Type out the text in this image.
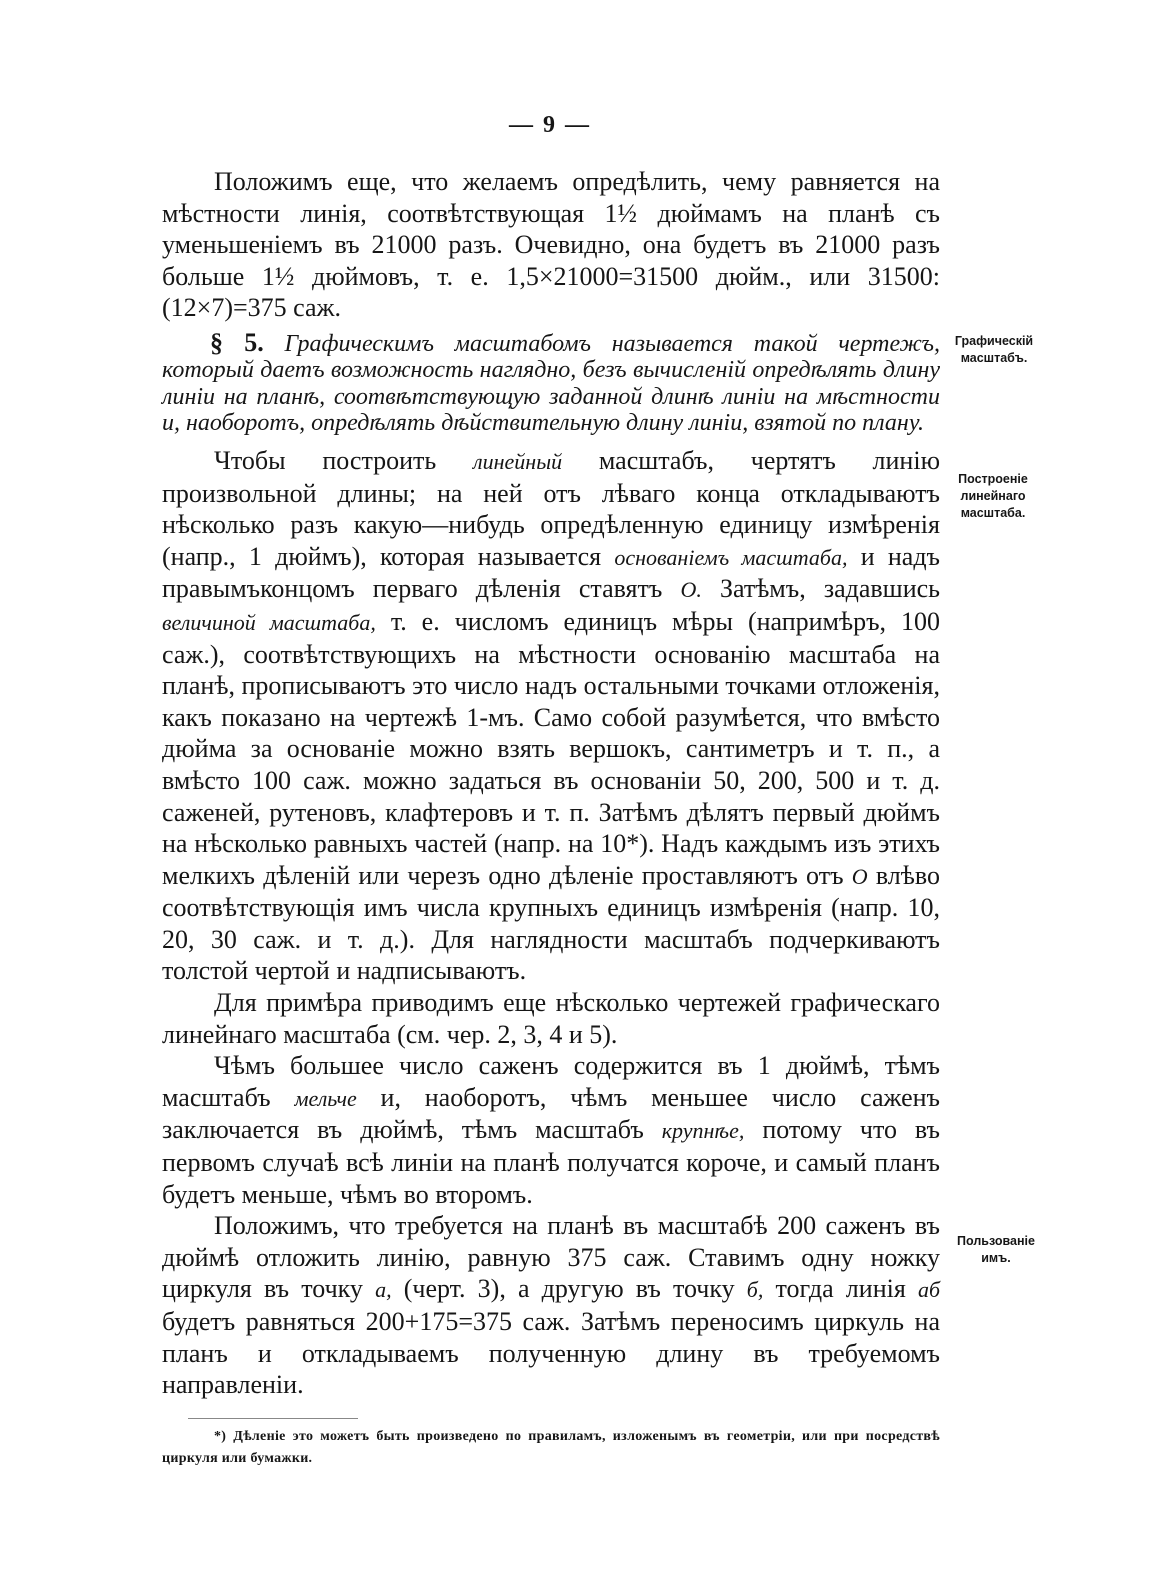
— 9 —

Положимъ еще, что желаемъ опредѣлить, чему равняется на мѣстности линія, соотвѣтствующая 1½ дюймамъ на планѣ съ уменьшеніемъ въ 21000 разъ. Очевидно, она будетъ въ 21000 разъ больше 1½ дюймовъ, т. е. 1,5×21000=31500 дюйм., или 31500:(12×7)=375 саж.

§ 5. Графическимъ масштабомъ называется такой чертежъ, который даетъ возможность наглядно, безъ вычисленій опредѣлять длину линіи на планѣ, соотвѣтствующую заданной длинѣ линіи на мѣстности и, наоборотъ, опредѣлять дѣйствительную длину линіи, взятой по плану.

Чтобы построить линейный масштабъ, чертятъ линію произвольной длины; на ней отъ лѣваго конца откладываютъ нѣсколько разъ какую—нибудь опредѣленную единицу измѣренія (напр., 1 дюймъ), которая называется основаніемъ масштаба, и надъ правымъконцомъ перваго дѣленія ставятъ О. Затѣмъ, задавшись величиной масштаба, т. е. числомъ единицъ мѣры (напримѣръ, 100 саж.), соотвѣтствующихъ на мѣстности основанію масштаба на планѣ, прописываютъ это число надъ остальными точками отложенія, какъ показано на чертежѣ 1-мъ. Само собой разумѣется, что вмѣсто дюйма за основаніе можно взять вершокъ, сантиметръ и т. п., а вмѣсто 100 саж. можно задаться въ основаніи 50, 200, 500 и т. д. саженей, рутеновъ, клафтеровъ и т. п. Затѣмъ дѣлятъ первый дюймъ на нѣсколько равныхъ частей (напр. на 10*). Надъ каждымъ изъ этихъ мелкихъ дѣленій или черезъ одно дѣленіе проставляютъ отъ О влѣво соотвѣтствующія имъ числа крупныхъ единицъ измѣренія (напр. 10, 20, 30 саж. и т. д.). Для наглядности масштабъ подчеркиваютъ толстой чертой и надписываютъ.

Для примѣра приводимъ еще нѣсколько чертежей графическаго линейнаго масштаба (см. чер. 2, 3, 4 и 5).

Чѣмъ большее число саженъ содержится въ 1 дюймѣ, тѣмъ масштабъ мельче и, наоборотъ, чѣмъ меньшее число саженъ заключается въ дюймѣ, тѣмъ масштабъ крупнѣе, потому что въ первомъ случаѣ всѣ линіи на планѣ получатся короче, и самый планъ будетъ меньше, чѣмъ во второмъ.

Положимъ, что требуется на планѣ въ масштабѣ 200 саженъ въ дюймѣ отложить линію, равную 375 саж. Ставимъ одну ножку циркуля въ точку а, (черт. 3), а другую въ точку б, тогда линія аб будетъ равняться 200+175=375 саж. Затѣмъ переносимъ циркуль на планъ и откладываемъ полученную длину въ требуемомъ направленіи.

Графическій масштабъ.
Построеніе линейнаго масштаба.
Пользованіе имъ.
*) Дѣленіе это можетъ быть произведено по правиламъ, изложенымъ въ геометріи, или при посредствѣ циркуля или бумажки.
